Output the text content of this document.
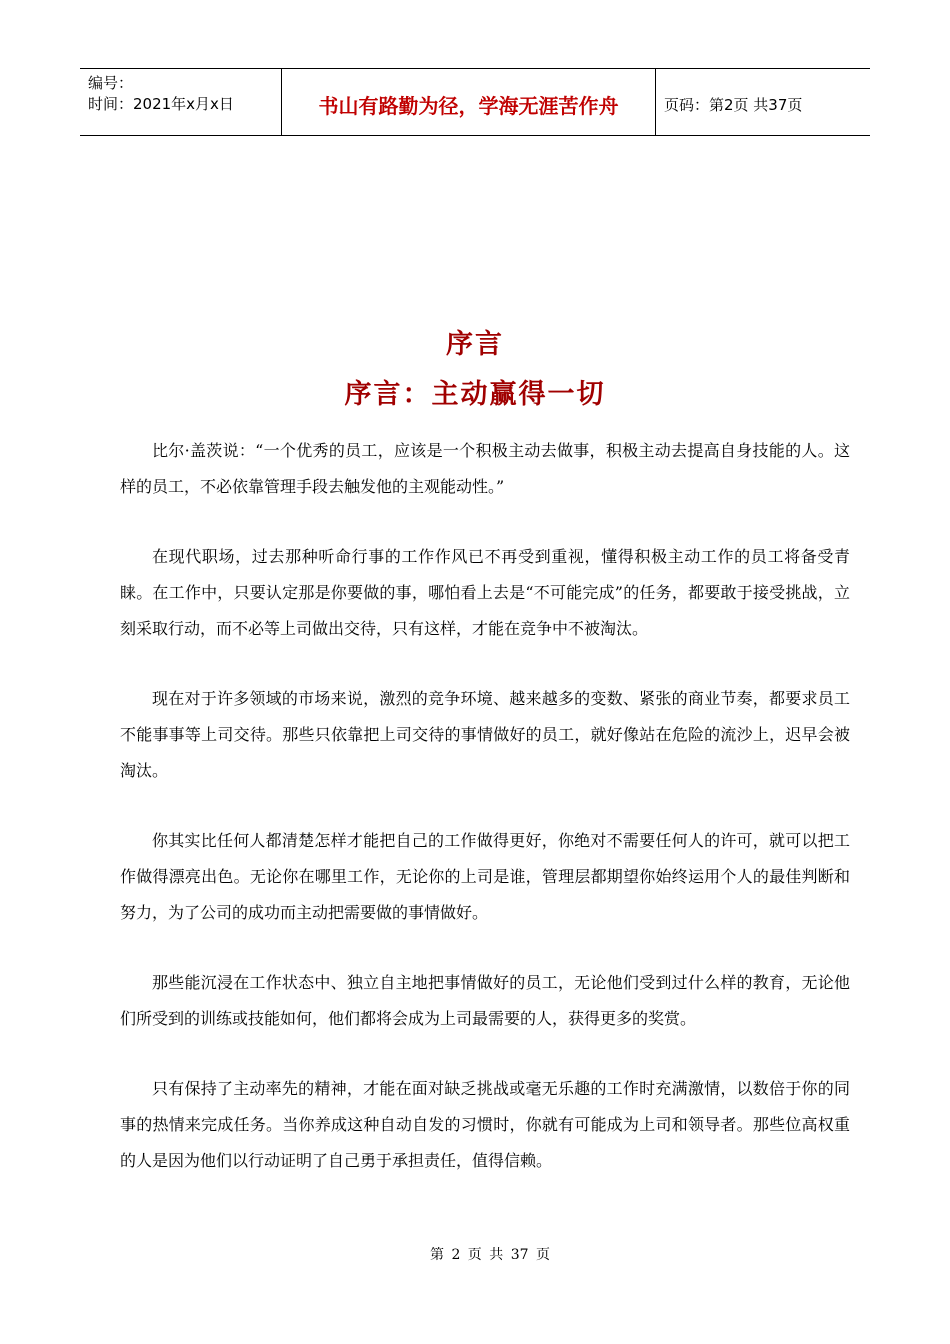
编号：
时间：2021年x月x日	书山有路勤为径，学海无涯苦作舟	页码：第2页 共37页
序言
序言：主动赢得一切

比尔·盖茨说：“一个优秀的员工，应该是一个积极主动去做事，积极主动去提高自身技能的人。这样的员工，不必依靠管理手段去触发他的主观能动性。”

在现代职场，过去那种听命行事的工作作风已不再受到重视，懂得积极主动工作的员工将备受青睐。在工作中，只要认定那是你要做的事，哪怕看上去是“不可能完成”的任务，都要敢于接受挑战，立刻采取行动，而不必等上司做出交待，只有这样，才能在竞争中不被淘汰。

现在对于许多领域的市场来说，激烈的竞争环境、越来越多的变数、紧张的商业节奏，都要求员工不能事事等上司交待。那些只依靠把上司交待的事情做好的员工，就好像站在危险的流沙上，迟早会被淘汰。

你其实比任何人都清楚怎样才能把自己的工作做得更好，你绝对不需要任何人的许可，就可以把工作做得漂亮出色。无论你在哪里工作，无论你的上司是谁，管理层都期望你始终运用个人的最佳判断和努力，为了公司的成功而主动把需要做的事情做好。

那些能沉浸在工作状态中、独立自主地把事情做好的员工，无论他们受到过什么样的教育，无论他们所受到的训练或技能如何，他们都将会成为上司最需要的人，获得更多的奖赏。

只有保持了主动率先的精神，才能在面对缺乏挑战或毫无乐趣的工作时充满激情，以数倍于你的同事的热情来完成任务。当你养成这种自动自发的习惯时，你就有可能成为上司和领导者。那些位高权重的人是因为他们以行动证明了自己勇于承担责任，值得信赖。

第 2 页 共 37 页
